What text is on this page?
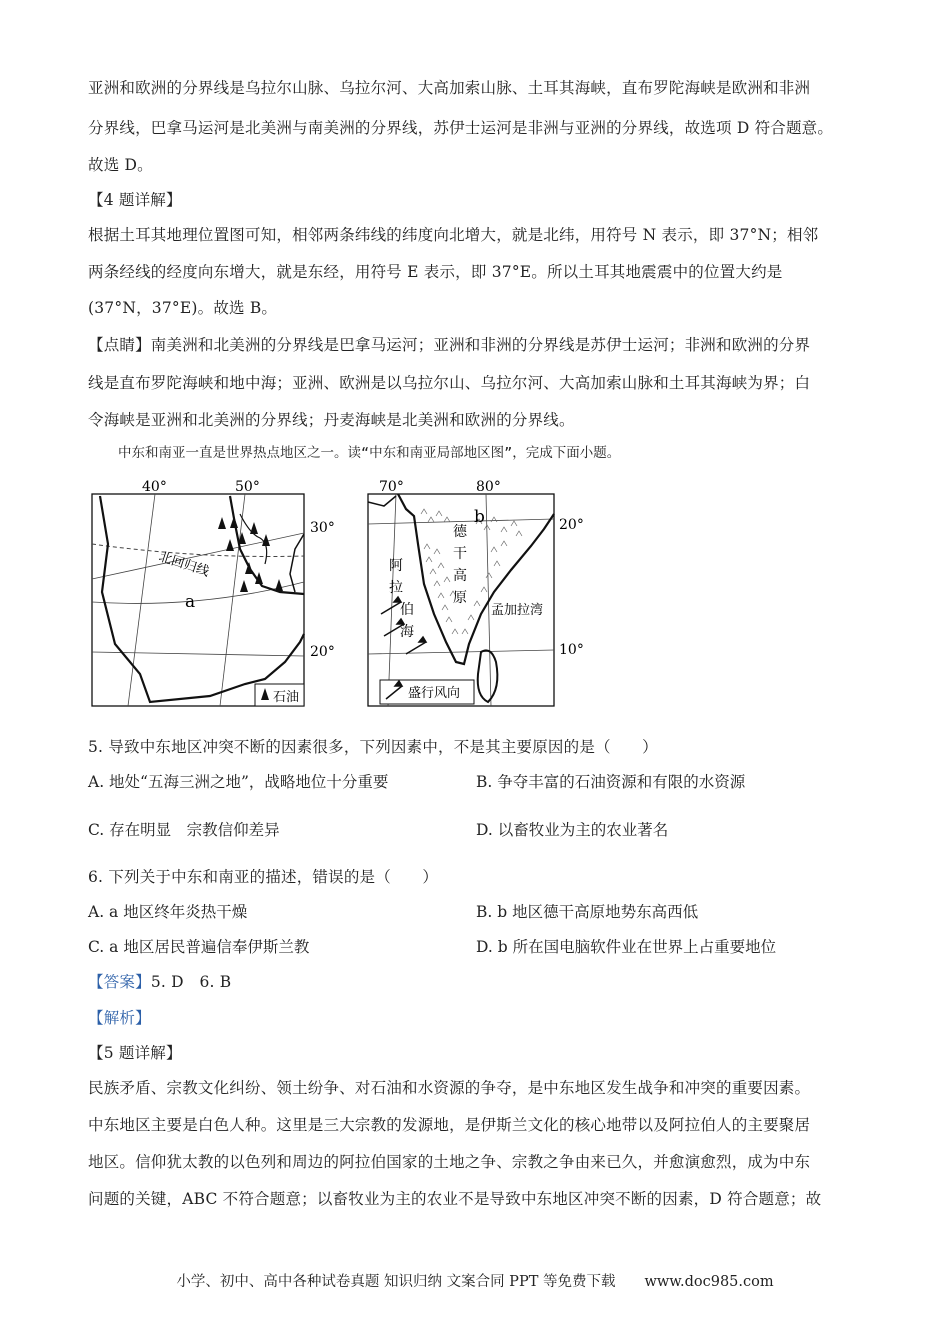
亚洲和欧洲的分界线是乌拉尔山脉、乌拉尔河、大高加索山脉、土耳其海峡，直布罗陀海峡是欧洲和非洲
分界线，巴拿马运河是北美洲与南美洲的分界线，苏伊士运河是非洲与亚洲的分界线，故选项 D 符合题意。
故选 D。
【4 题详解】
根据土耳其地理位置图可知，相邻两条纬线的纬度向北增大，就是北纬，用符号 N 表示，即 37°N；相邻
两条经线的经度向东增大，就是东经，用符号 E 表示，即 37°E。所以土耳其地震震中的位置大约是
(37°N，37°E)。故选 B。
【点睛】南美洲和北美洲的分界线是巴拿马运河；亚洲和非洲的分界线是苏伊士运河；非洲和欧洲的分界
线是直布罗陀海峡和地中海；亚洲、欧洲是以乌拉尔山、乌拉尔河、大高加索山脉和土耳其海峡为界；白
令海峡是亚洲和北美洲的分界线；丹麦海峡是北美洲和欧洲的分界线。
中东和南亚一直是世界热点地区之一。读“中东和南亚局部地区图”，完成下面小题。
40°	50°
30°
20°
北回归线
a
石油
70°	80°
20°
10°
b
德
干
高
原
阿
拉
伯
海
孟加拉湾
盛行风向
5. 导致中东地区冲突不断的因素很多，下列因素中，不是其主要原因的是（　　）
A. 地处“五海三洲之地”，战略地位十分重要	B. 争夺丰富的石油资源和有限的水资源
C. 存在明显　宗教信仰差异	D. 以畜牧业为主的农业著名
6. 下列关于中东和南亚的描述，错误的是（　　）
A. a 地区终年炎热干燥	B. b 地区德干高原地势东高西低
C. a 地区居民普遍信奉伊斯兰教	D. b 所在国电脑软件业在世界上占重要地位
【答案】5. D　6. B
【解析】
【5 题详解】
民族矛盾、宗教文化纠纷、领土纷争、对石油和水资源的争夺，是中东地区发生战争和冲突的重要因素。
中东地区主要是白色人种。这里是三大宗教的发源地，是伊斯兰文化的核心地带以及阿拉伯人的主要聚居
地区。信仰犹太教的以色列和周边的阿拉伯国家的土地之争、宗教之争由来已久，并愈演愈烈，成为中东
问题的关键，ABC 不符合题意；以畜牧业为主的农业不是导致中东地区冲突不断的因素，D 符合题意；故
小学、初中、高中各种试卷真题 知识归纳 文案合同 PPT 等免费下载　　www.doc985.com
